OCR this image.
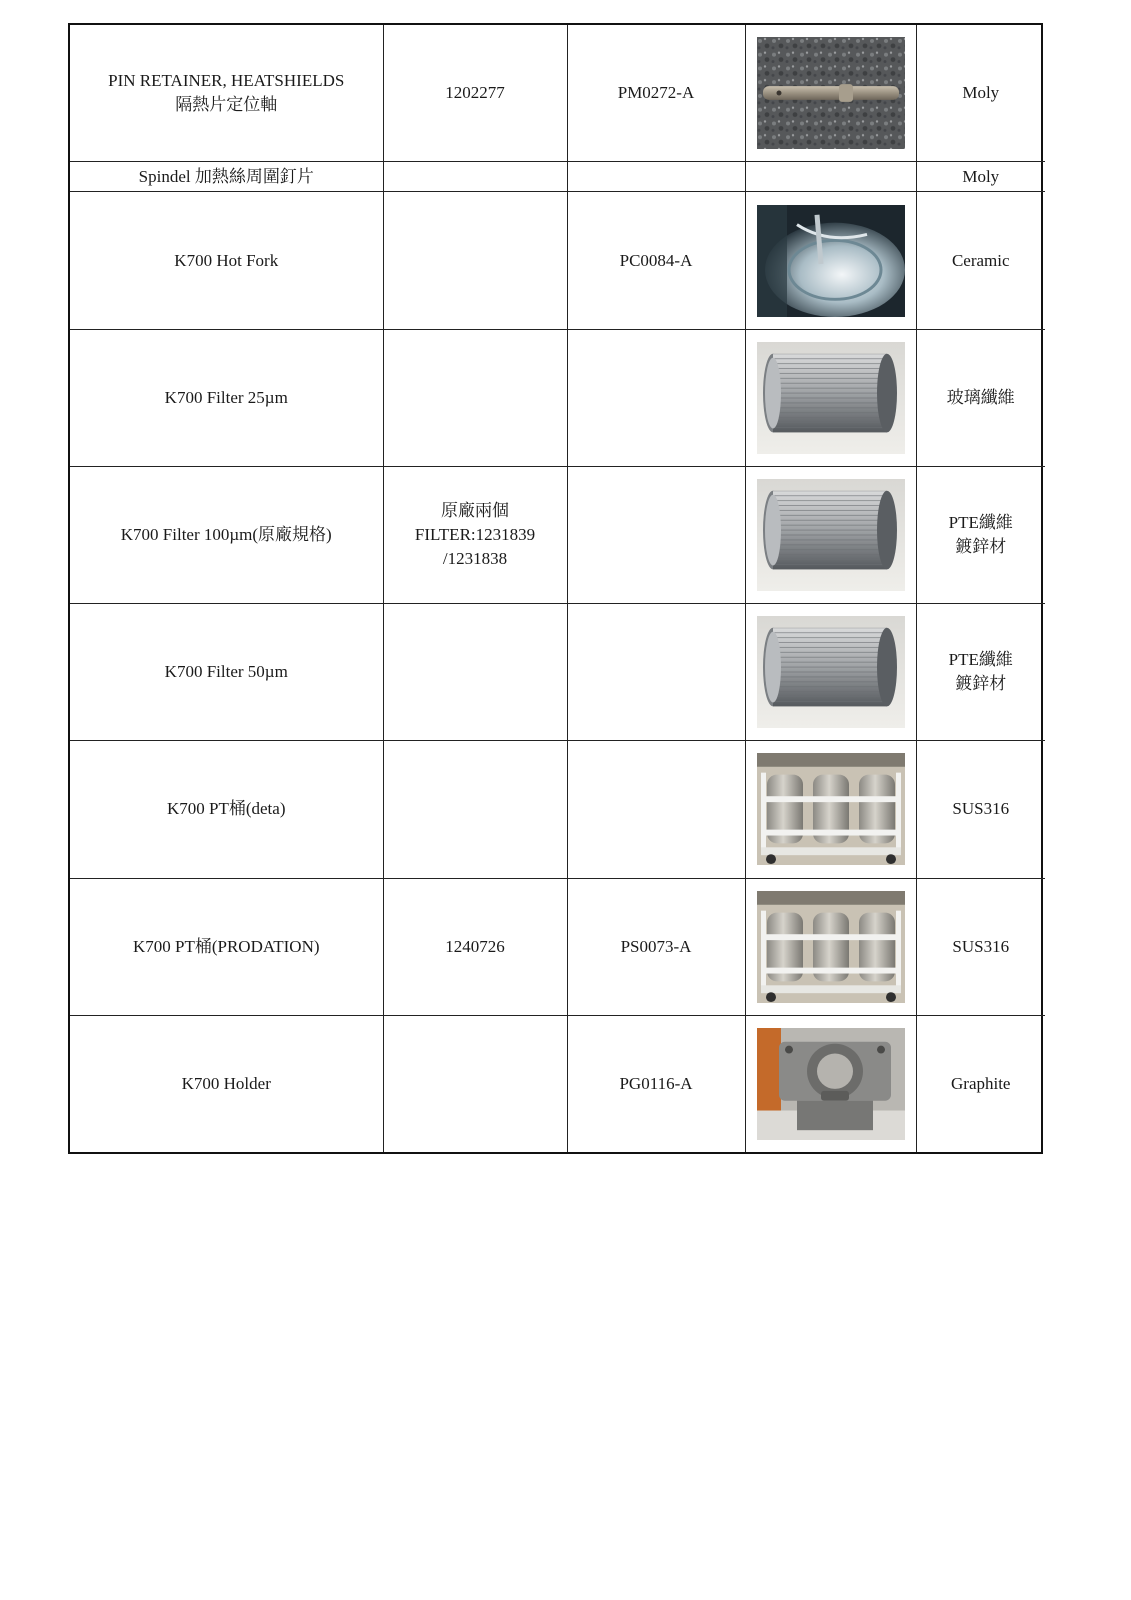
PIN RETAINER, HEATSHIELDS
隔熱片定位軸	1202277	PM0272-A		Moly

Spindel 加熱絲周圍釘片				Moly

K700 Hot Fork		PC0084-A		Ceramic

K700 Filter 25µm				玻璃纖維

K700 Filter 100µm(原廠規格)	原廠兩個
FILTER:1231839
/1231838			PTE纖維
鍍鋅材

K700 Filter 50µm				PTE纖維
鍍鋅材

K700 PT桶(deta)				SUS316

K700 PT桶(PRODATION)	1240726	PS0073-A		SUS316

K700 Holder		PG0116-A		Graphite
